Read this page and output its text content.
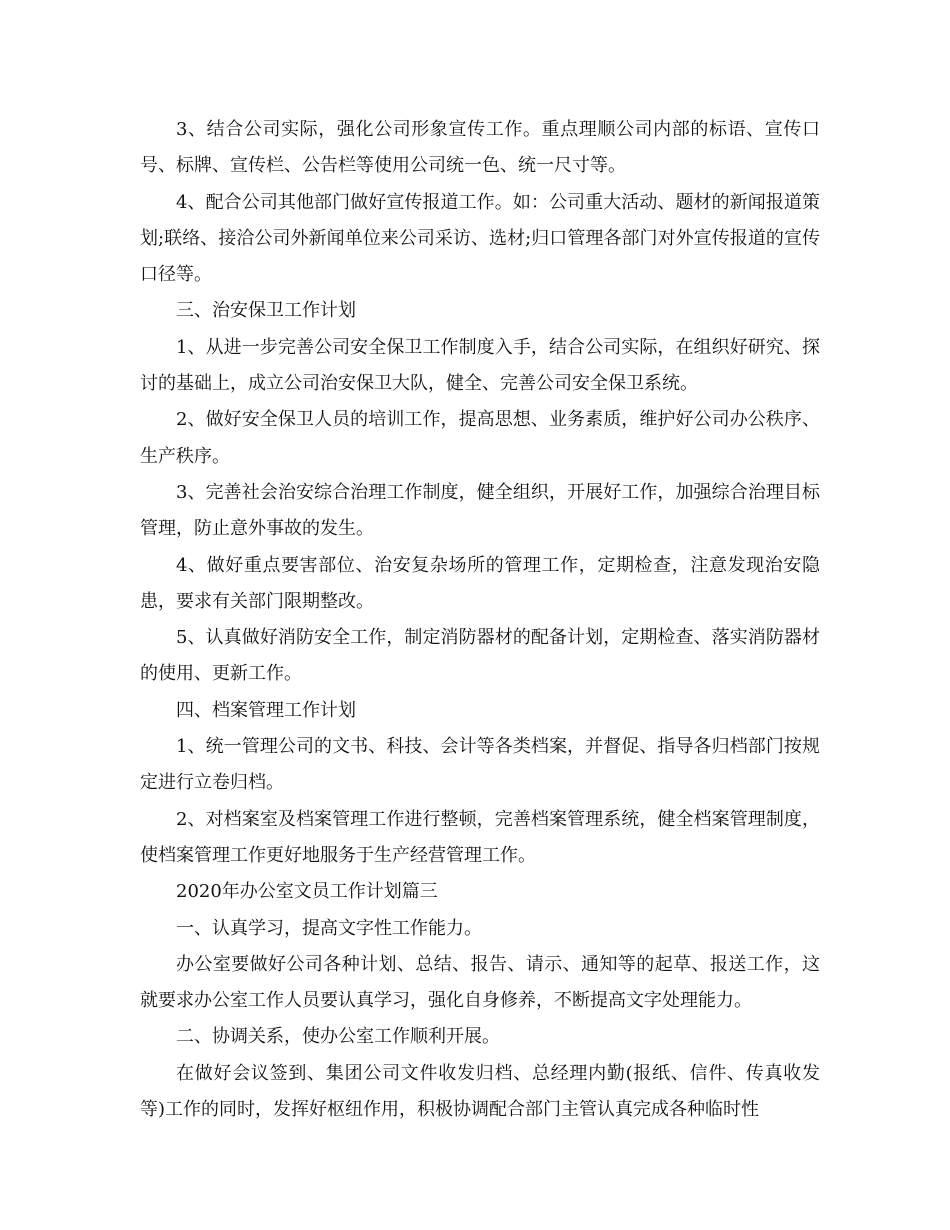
3、结合公司实际，强化公司形象宣传工作。重点理顺公司内部的标语、宣传口号、标牌、宣传栏、公告栏等使用公司统一色、统一尺寸等。

4、配合公司其他部门做好宣传报道工作。如：公司重大活动、题材的新闻报道策划;联络、接洽公司外新闻单位来公司采访、选材;归口管理各部门对外宣传报道的宣传口径等。

三、治安保卫工作计划

1、从进一步完善公司安全保卫工作制度入手，结合公司实际，在组织好研究、探讨的基础上，成立公司治安保卫大队，健全、完善公司安全保卫系统。

2、做好安全保卫人员的培训工作，提高思想、业务素质，维护好公司办公秩序、生产秩序。

3、完善社会治安综合治理工作制度，健全组织，开展好工作，加强综合治理目标管理，防止意外事故的发生。

4、做好重点要害部位、治安复杂场所的管理工作，定期检查，注意发现治安隐患，要求有关部门限期整改。

5、认真做好消防安全工作，制定消防器材的配备计划，定期检查、落实消防器材的使用、更新工作。

四、档案管理工作计划

1、统一管理公司的文书、科技、会计等各类档案，并督促、指导各归档部门按规定进行立卷归档。

2、对档案室及档案管理工作进行整顿，完善档案管理系统，健全档案管理制度，使档案管理工作更好地服务于生产经营管理工作。

2020年办公室文员工作计划篇三

一、认真学习，提高文字性工作能力。

办公室要做好公司各种计划、总结、报告、请示、通知等的起草、报送工作，这就要求办公室工作人员要认真学习，强化自身修养，不断提高文字处理能力。

二、协调关系，使办公室工作顺利开展。

在做好会议签到、集团公司文件收发归档、总经理内勤(报纸、信件、传真收发等)工作的同时，发挥好枢纽作用，积极协调配合部门主管认真完成各种临时性
